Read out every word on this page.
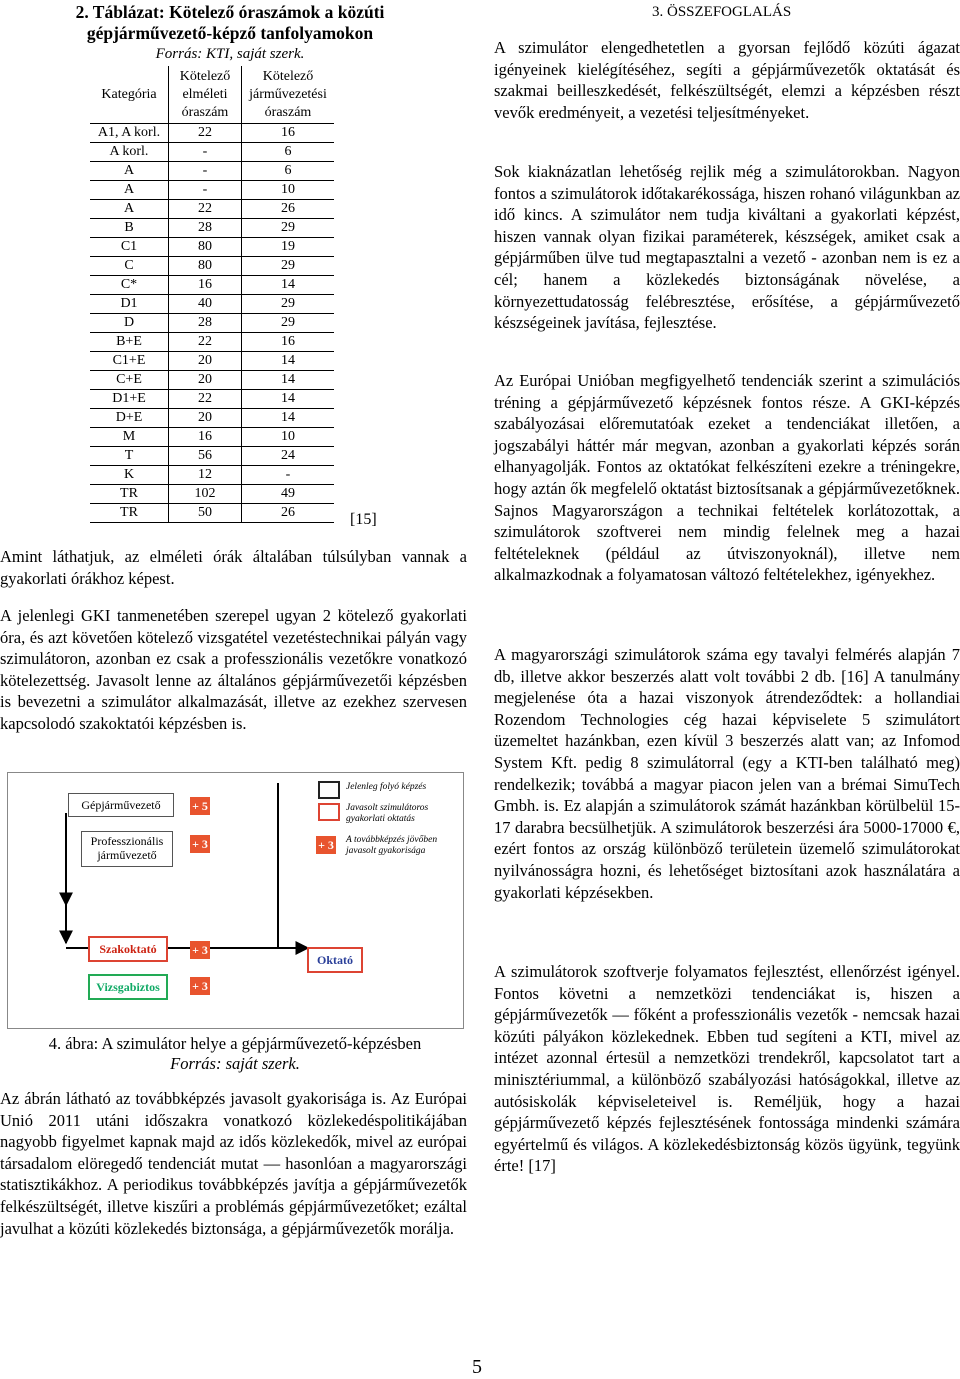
2. Táblázat: Kötelező óraszámok a közúti gépjárművezető-képző tanfolyamokon
Forrás: KTI, saját szerk.
Kategória	Kötelező elméleti óraszám	Kötelező járművezetési óraszám
A1, A korl.	22	16
A korl.	-	6
A	-	6
A	-	10
A	22	26
B	28	29
C1	80	19
C	80	29
C*	16	14
D1	40	29
D	28	29
B+E	22	16
C1+E	20	14
C+E	20	14
D1+E	22	14
D+E	20	14
M	16	10
T	56	24
K	12	-
TR	102	49
TR	50	26	[15]

Amint láthatjuk, az elméleti órák általában túlsúlyban vannak a gyakorlati órákhoz képest.

A jelenlegi GKI tanmenetében szerepel ugyan 2 kötelező gyakorlati óra, és azt követően kötelező vizsgatétel vezetéstechnikai pályán vagy szimulátoron, azonban ez csak a professzionális vezetőkre vonatkozó kötelezettség. Javasolt lenne az általános gépjárművezetői képzésben is bevezetni a szimulátor alkalmazását, illetve az ezekhez szervesen kapcsolodó szakoktatói képzésben is.

Gépjárművezető
Professzionális járművezető
Szakoktató
Vizsgabiztos
Oktató
+ 5
+ 3
+ 3
+ 3
Jelenleg folyó képzés
Javasolt szimulátoros gyakorlati oktatás
+ 3 A továbbképzés jövőben javasolt gyakorisága
4. ábra: A szimulátor helye a gépjárművezető-képzésben
Forrás: saját szerk.

Az ábrán látható az továbbképzés javasolt gyakorisága is. Az Európai Unió 2011 utáni időszakra vonatkozó közlekedéspolitikájában nagyobb figyelmet kapnak majd az idős közlekedők, mivel az európai társadalom elöregedő tendenciát mutat — hasonlóan a magyarországi statisztikákhoz. A periodikus továbbképzés javítja a gépjárművezetők felkészültségét, illetve kiszűri a problémás gépjárművezetőket; ezáltal javulhat a közúti közlekedés biztonsága, a gépjárművezetők morálja.

3. ÖSSZEFOGLALÁS

A szimulátor elengedhetetlen a gyorsan fejlődő közúti ágazat igényeinek kielégítéséhez, segíti a gépjárművezetők oktatását és szakmai beilleszkedését, felkészültségét, elemzi a képzésben részt vevők eredményeit, a vezetési teljesítményeket.

Sok kiaknázatlan lehetőség rejlik még a szimulátorokban. Nagyon fontos a szimulátorok időtakarékossága, hiszen rohanó világunkban az idő kincs. A szimulátor nem tudja kiváltani a gyakorlati képzést, hiszen vannak olyan fizikai paraméterek, készségek, amiket csak a gépjárműben ülve tud megtapasztalni a vezető - azonban nem is ez a cél; hanem a közlekedés biztonságának növelése, a környezettudatosság felébresztése, erősítése, a gépjárművezető készségeinek javítása, fejlesztése.

Az Európai Unióban megfigyelhető tendenciák szerint a szimulációs tréning a gépjárművezető képzésnek fontos része. A GKI-képzés szabályozásai előremutatóak ezeket a tendenciákat illetően, a jogszabályi háttér már megvan, azonban a gyakorlati képzés során elhanyagolják. Fontos az oktatókat felkészíteni ezekre a tréningekre, hogy aztán ők megfelelő oktatást biztosítsanak a gépjárművezetőknek. Sajnos Magyarországon a technikai feltételek korlátozottak, a szimulátorok szoftverei nem mindig felelnek meg a hazai feltételeknek (például az útviszonyoknál), illetve nem alkalmazkodnak a folyamatosan változó feltételekhez, igényekhez.

A magyarországi szimulátorok száma egy tavalyi felmérés alapján 7 db, illetve akkor beszerzés alatt volt további 2 db. [16] A tanulmány megjelenése óta a hazai viszonyok átrendeződtek: a hollandiai Rozendom Technologies cég hazai képviselete 5 szimulátort üzemeltet hazánkban, ezen kívül 3 beszerzés alatt van; az Infomod System Kft. pedig 8 szimulátorral (egy a KTI-ben található meg) rendelkezik; továbbá a magyar piacon jelen van a brémai SimuTech Gmbh. is. Ez alapján a szimulátorok számát hazánkban körülbelül 15-17 darabra becsülhetjük. A szimulátorok beszerzési ára 5000-17000 €, ezért fontos az ország különböző területein üzemelő szimulátorokat nyilvánosságra hozni, és lehetőséget biztosítani azok használatára a gyakorlati képzésekben.

A szimulátorok szoftverje folyamatos fejlesztést, ellenőrzést igényel. Fontos követni a nemzetközi tendenciákat is, hiszen a gépjárművezetők — főként a professzionális vezetők - nemcsak hazai közúti pályákon közlekednek. Ebben tud segíteni a KTI, mivel az intézet azonnal értesül a nemzetközi trendekről, kapcsolatot tart a minisztériummal, a különböző szabályozási hatóságokkal, illetve az autósiskolák képviseleteivel is. Reméljük, hogy a hazai gépjárművezető képzés fejlesztésének fontossága mindenki számára egyértelmű és világos. A közlekedésbiztonság közös ügyünk, tegyünk érte! [17]

5
